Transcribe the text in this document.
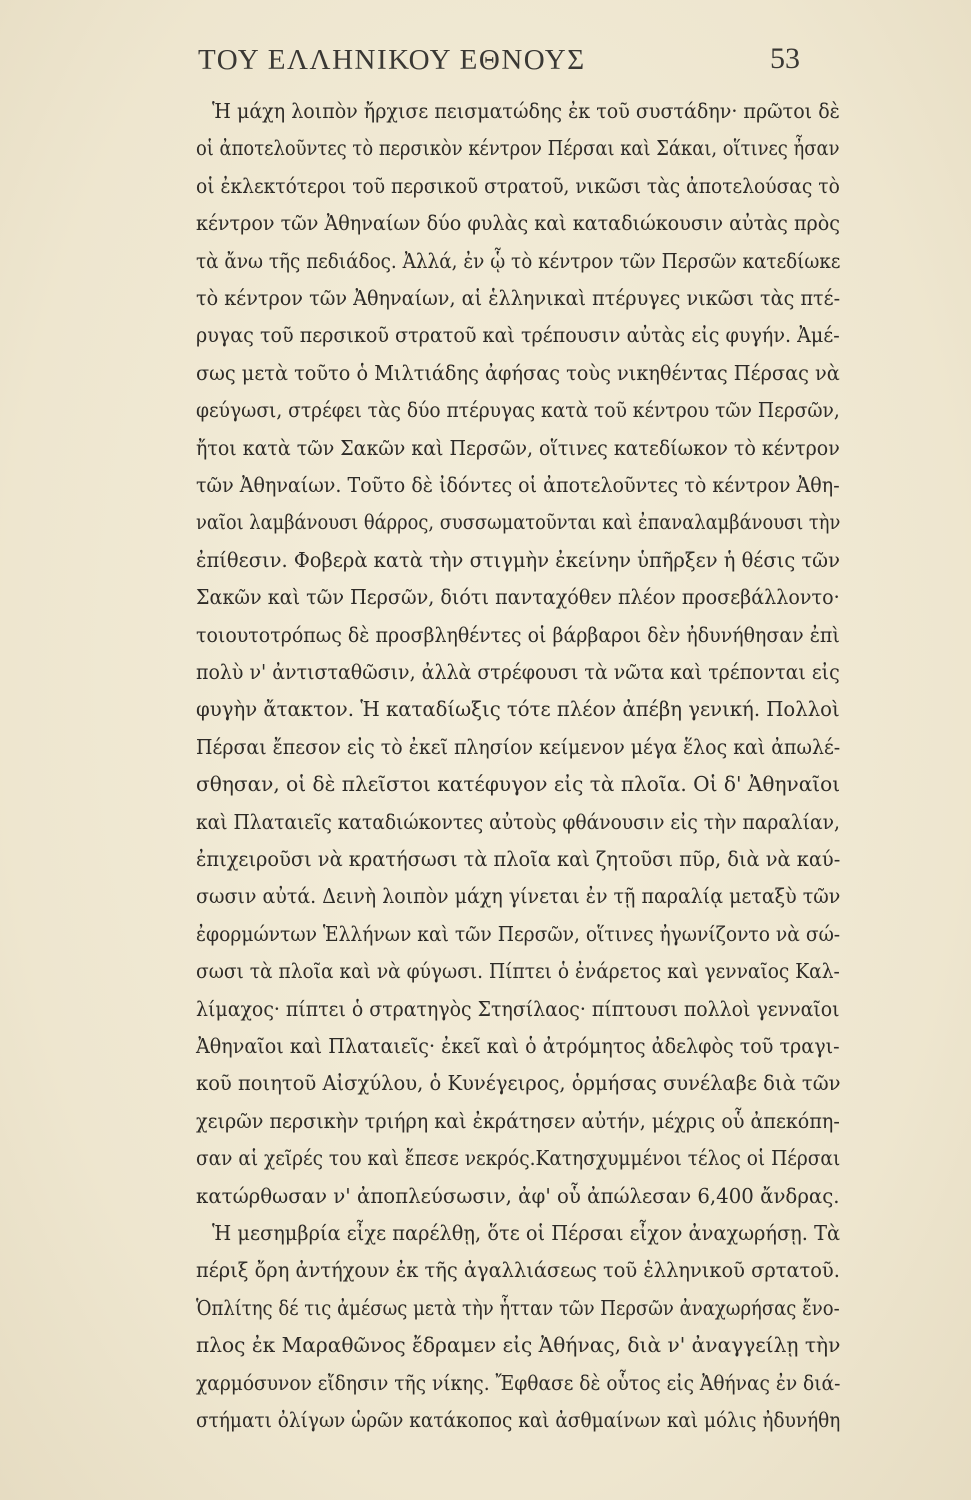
ΤΟΥ ΕΛΛΗΝΙΚΟΥ ΕΘΝΟΥΣ	53
Ἡ μάχη λοιπὸν ἤρχισε πεισματώδης ἐκ τοῦ συστάδην· πρῶτοι δὲ
οἱ ἀποτελοῦντες τὸ περσικὸν κέντρον Πέρσαι καὶ Σάκαι, οἵτινες ἦσαν
οἱ ἐκλεκτότεροι τοῦ περσικοῦ στρατοῦ, νικῶσι τὰς ἀποτελούσας τὸ
κέντρον τῶν Ἀθηναίων δύο φυλὰς καὶ καταδιώκουσιν αὐτὰς πρὸς
τὰ ἄνω τῆς πεδιάδος. Ἀλλά, ἐν ᾧ τὸ κέντρον τῶν Περσῶν κατεδίωκε
τὸ κέντρον τῶν Ἀθηναίων, αἱ ἑλληνικαὶ πτέρυγες νικῶσι τὰς πτέ-
ρυγας τοῦ περσικοῦ στρατοῦ καὶ τρέπουσιν αὐτὰς εἰς φυγήν. Ἀμέ-
σως μετὰ τοῦτο ὁ Μιλτιάδης ἀφήσας τοὺς νικηθέντας Πέρσας νὰ
φεύγωσι, στρέφει τὰς δύο πτέρυγας κατὰ τοῦ κέντρου τῶν Περσῶν,
ἤτοι κατὰ τῶν Σακῶν καὶ Περσῶν, οἵτινες κατεδίωκον τὸ κέντρον
τῶν Ἀθηναίων. Τοῦτο δὲ ἰδόντες οἱ ἀποτελοῦντες τὸ κέντρον Ἀθη-
ναῖοι λαμβάνουσι θάρρος, συσσωματοῦνται καὶ ἐπαναλαμβάνουσι τὴν
ἐπίθεσιν. Φοβερὰ κατὰ τὴν στιγμὴν ἐκείνην ὑπῆρξεν ἡ θέσις τῶν
Σακῶν καὶ τῶν Περσῶν, διότι πανταχόθεν πλέον προσεβάλλοντο·
τοιουτοτρόπως δὲ προσβληθέντες οἱ βάρβαροι δὲν ἠδυνήθησαν ἐπὶ
πολὺ ν' ἀντισταθῶσιν, ἀλλὰ στρέφουσι τὰ νῶτα καὶ τρέπονται εἰς
φυγὴν ἄτακτον. Ἡ καταδίωξις τότε πλέον ἀπέβη γενική. Πολλοὶ
Πέρσαι ἔπεσον εἰς τὸ ἐκεῖ πλησίον κείμενον μέγα ἕλος καὶ ἀπωλέ-
σθησαν, οἱ δὲ πλεῖστοι κατέφυγον εἰς τὰ πλοῖα. Οἱ δ' Ἀθηναῖοι
καὶ Πλαταιεῖς καταδιώκοντες αὐτοὺς φθάνουσιν εἰς τὴν παραλίαν,
ἐπιχειροῦσι νὰ κρατήσωσι τὰ πλοῖα καὶ ζητοῦσι πῦρ, διὰ νὰ καύ-
σωσιν αὐτά. Δεινὴ λοιπὸν μάχη γίνεται ἐν τῇ παραλίᾳ μεταξὺ τῶν
ἐφορμώντων Ἑλλήνων καὶ τῶν Περσῶν, οἵτινες ἠγωνίζοντο νὰ σώ-
σωσι τὰ πλοῖα καὶ νὰ φύγωσι. Πίπτει ὁ ἐνάρετος καὶ γενναῖος Καλ-
λίμαχος· πίπτει ὁ στρατηγὸς Στησίλαος· πίπτουσι πολλοὶ γενναῖοι
Ἀθηναῖοι καὶ Πλαταιεῖς· ἐκεῖ καὶ ὁ ἀτρόμητος ἀδελφὸς τοῦ τραγι-
κοῦ ποιητοῦ Αἰσχύλου, ὁ Κυνέγειρος, ὁρμήσας συνέλαβε διὰ τῶν
χειρῶν περσικὴν τριήρη καὶ ἐκράτησεν αὐτήν, μέχρις οὗ ἀπεκόπη-
σαν αἱ χεῖρές του καὶ ἔπεσε νεκρός.Κατησχυμμένοι τέλος οἱ Πέρσαι
κατώρθωσαν ν' ἀποπλεύσωσιν, ἀφ' οὗ ἀπώλεσαν 6,400 ἄνδρας.
Ἡ μεσημβρία εἶχε παρέλθῃ, ὅτε οἱ Πέρσαι εἶχον ἀναχωρήσῃ. Τὰ
πέριξ ὄρη ἀντήχουν ἐκ τῆς ἀγαλλιάσεως τοῦ ἑλληνικοῦ σρτατοῦ.
Ὁπλίτης δέ τις ἀμέσως μετὰ τὴν ἧτταν τῶν Περσῶν ἀναχωρήσας ἔνο-
πλος ἐκ Μαραθῶνος ἔδραμεν εἰς Ἀθήνας, διὰ ν' ἀναγγείλῃ τὴν
χαρμόσυνον εἴδησιν τῆς νίκης. Ἔφθασε δὲ οὗτος εἰς Ἀθήνας ἐν διά-
στήματι ὀλίγων ὡρῶν κατάκοπος καὶ ἀσθμαίνων καὶ μόλις ἠδυνήθη
